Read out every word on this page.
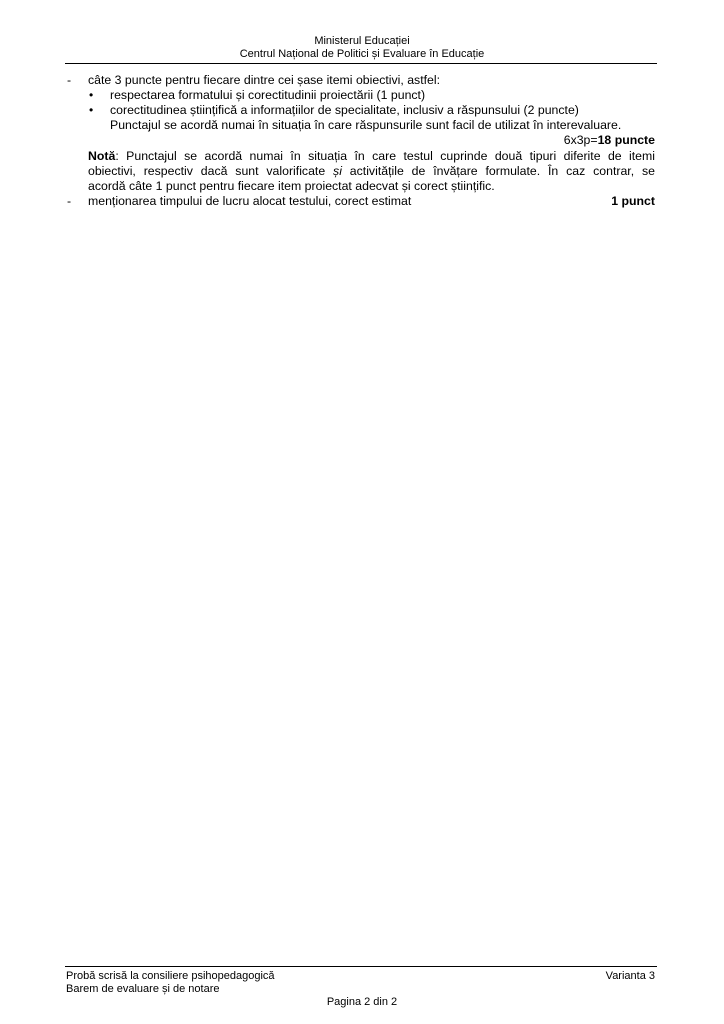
Ministerul Educației
Centrul Național de Politici și Evaluare în Educație
- câte 3 puncte pentru fiecare dintre cei șase itemi obiectivi, astfel:
• respectarea formatului și corectitudinii proiectării (1 punct)
• corectitudinea științifică a informațiilor de specialitate, inclusiv a răspunsului (2 puncte)
Punctajul se acordă numai în situația în care răspunsurile sunt facil de utilizat în interevaluare.
6x3p=18 puncte
Notă: Punctajul se acordă numai în situația în care testul cuprinde două tipuri diferite de itemi
obiectivi, respectiv dacă sunt valorificate și activitățile de învățare formulate. În caz contrar, se
acordă câte 1 punct pentru fiecare item proiectat adecvat și corect științific.
- menționarea timpului de lucru alocat testului, corect estimat	1 punct
Probă scrisă la consiliere psihopedagogică
Barem de evaluare și de notare
Varianta 3
Pagina 2 din 2
